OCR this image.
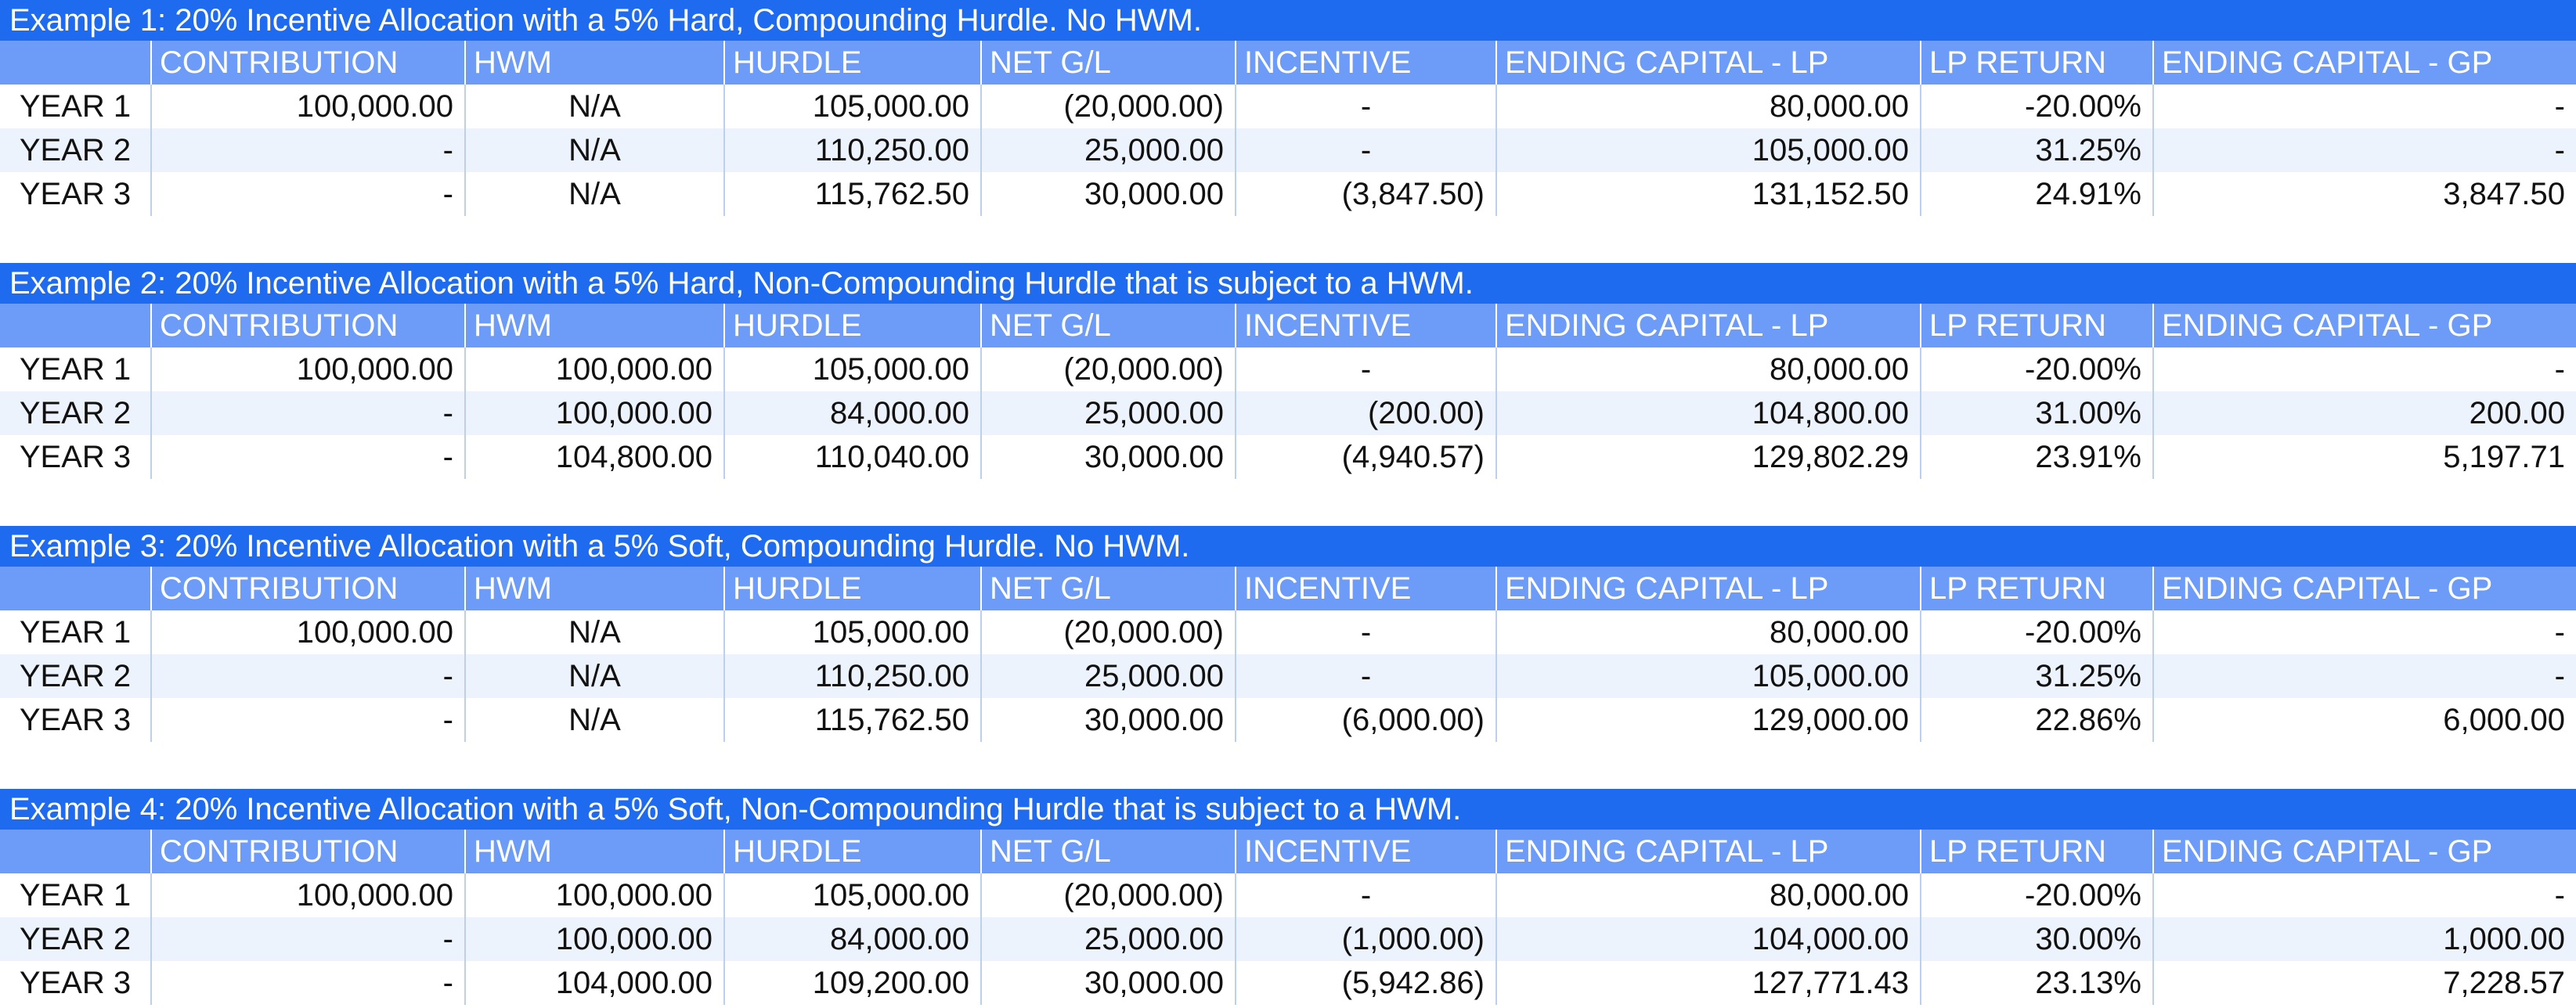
Example 1: 20% Incentive Allocation with a 5% Hard, Compounding Hurdle. No HWM.
	CONTRIBUTION	HWM	HURDLE	NET G/L	INCENTIVE	ENDING CAPITAL - LP	LP RETURN	ENDING CAPITAL - GP
YEAR 1	100,000.00	N/A	105,000.00	(20,000.00)	-	80,000.00	-20.00%	-
YEAR 2	-	N/A	110,250.00	25,000.00	-	105,000.00	31.25%	-
YEAR 3	-	N/A	115,762.50	30,000.00	(3,847.50)	131,152.50	24.91%	3,847.50
Example 2: 20% Incentive Allocation with a 5% Hard, Non-Compounding Hurdle that is subject to a HWM.
	CONTRIBUTION	HWM	HURDLE	NET G/L	INCENTIVE	ENDING CAPITAL - LP	LP RETURN	ENDING CAPITAL - GP
YEAR 1	100,000.00	100,000.00	105,000.00	(20,000.00)	-	80,000.00	-20.00%	-
YEAR 2	-	100,000.00	84,000.00	25,000.00	(200.00)	104,800.00	31.00%	200.00
YEAR 3	-	104,800.00	110,040.00	30,000.00	(4,940.57)	129,802.29	23.91%	5,197.71
Example 3: 20% Incentive Allocation with a 5% Soft, Compounding Hurdle. No HWM.
	CONTRIBUTION	HWM	HURDLE	NET G/L	INCENTIVE	ENDING CAPITAL - LP	LP RETURN	ENDING CAPITAL - GP
YEAR 1	100,000.00	N/A	105,000.00	(20,000.00)	-	80,000.00	-20.00%	-
YEAR 2	-	N/A	110,250.00	25,000.00	-	105,000.00	31.25%	-
YEAR 3	-	N/A	115,762.50	30,000.00	(6,000.00)	129,000.00	22.86%	6,000.00
Example 4: 20% Incentive Allocation with a 5% Soft, Non-Compounding Hurdle that is subject to a HWM.
	CONTRIBUTION	HWM	HURDLE	NET G/L	INCENTIVE	ENDING CAPITAL - LP	LP RETURN	ENDING CAPITAL - GP
YEAR 1	100,000.00	100,000.00	105,000.00	(20,000.00)	-	80,000.00	-20.00%	-
YEAR 2	-	100,000.00	84,000.00	25,000.00	(1,000.00)	104,000.00	30.00%	1,000.00
YEAR 3	-	104,000.00	109,200.00	30,000.00	(5,942.86)	127,771.43	23.13%	7,228.57
